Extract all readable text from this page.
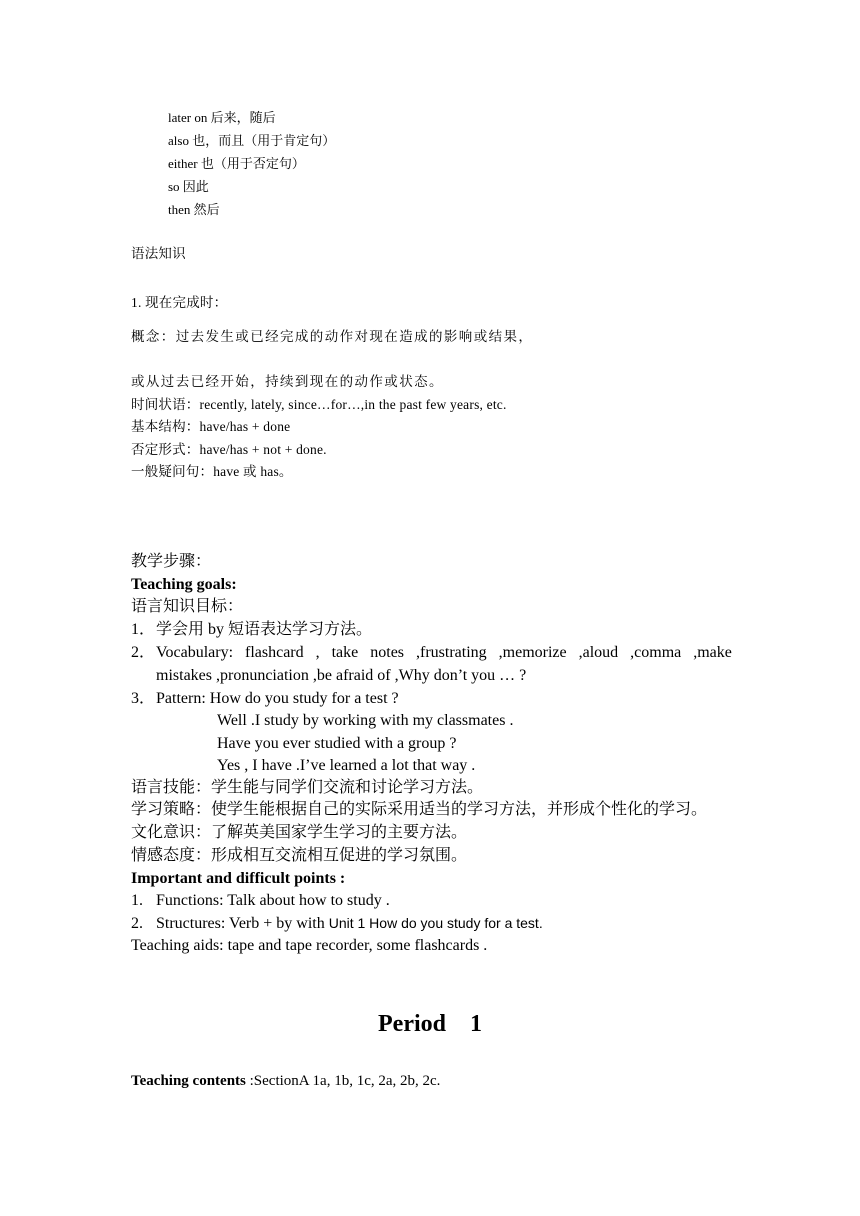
later on 后来，随后
also 也，而且（用于肯定句）
either 也（用于否定句）
so 因此
then 然后
语法知识
1. 现在完成时：
概念：过去发生或已经完成的动作对现在造成的影响或结果，
或从过去已经开始，持续到现在的动作或状态。
时间状语：recently, lately, since…for…,in the past few years, etc.
基本结构：have/has + done
否定形式：have/has + not + done.
一般疑问句：have 或 has。
教学步骤：
Teaching goals:
语言知识目标：
1． 学会用 by 短语表达学习方法。
2． Vocabulary: flashcard , take notes ,frustrating ,memorize ,aloud ,comma ,make
mistakes ,pronunciation ,be afraid of ,Why don’t you … ?
3． Pattern: How do you study for a test ?
Well .I study by working with my classmates .
Have you ever studied with a group ?
Yes , I have .I’ve learned a lot that way .
语言技能：学生能与同学们交流和讨论学习方法。
学习策略：使学生能根据自己的实际采用适当的学习方法，并形成个性化的学习。
文化意识：了解英美国家学生学习的主要方法。
情感态度：形成相互交流相互促进的学习氛围。
Important and difficult points :
1. Functions: Talk about how to study .
2. Structures: Verb + by with Unit 1 How do you study for a test.
Teaching aids: tape and tape recorder, some flashcards .
Period 1
Teaching contents :SectionA 1a, 1b, 1c, 2a, 2b, 2c.
